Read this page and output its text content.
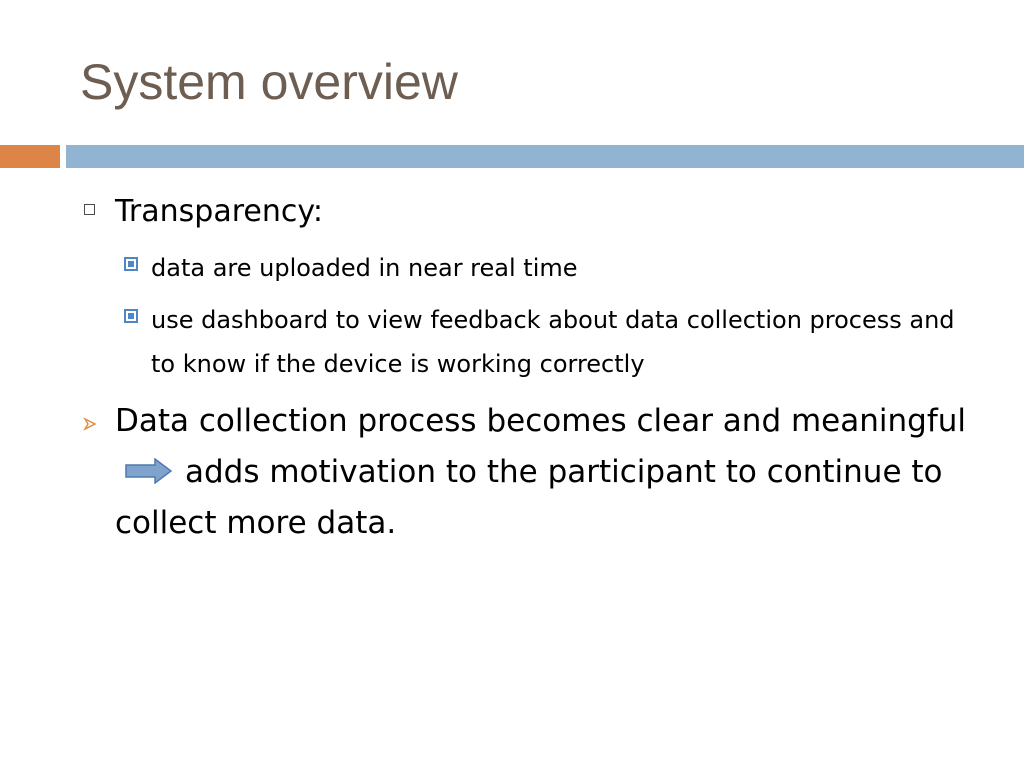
System overview
Transparency:
data are uploaded in near real time
use dashboard to view feedback about data collection process and to know if the device is working correctly
Data collection process becomes clear and meaningfuladds motivation to the participant to continue to collect more data.
